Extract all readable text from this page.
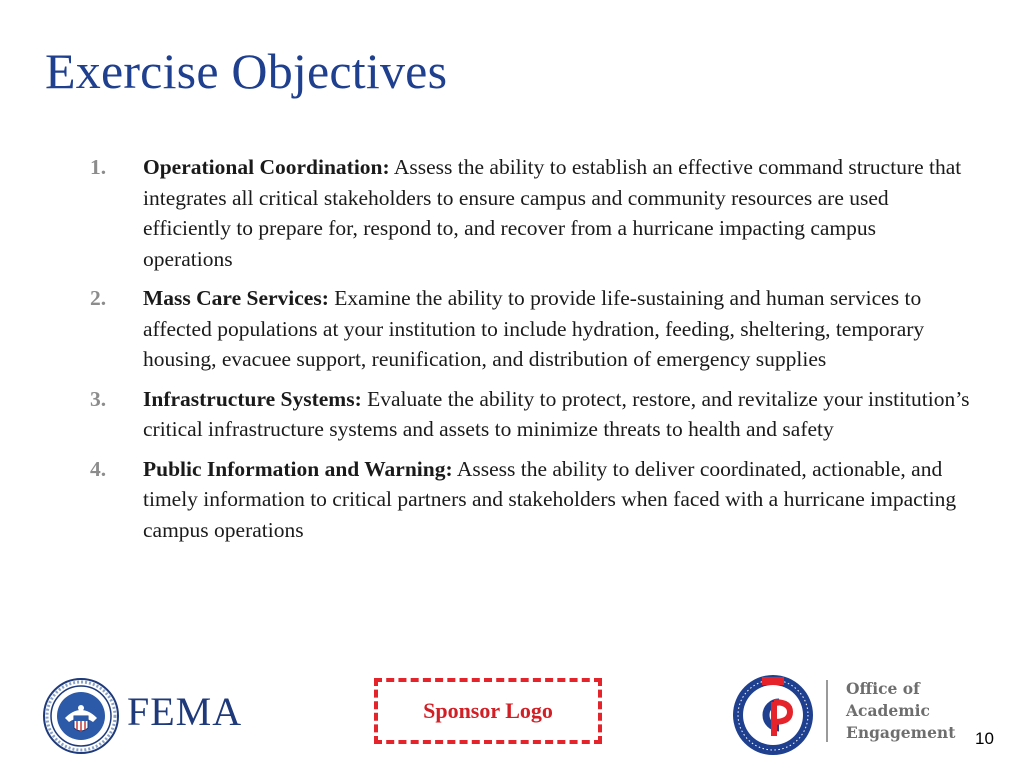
Exercise Objectives
1. Operational Coordination: Assess the ability to establish an effective command structure that integrates all critical stakeholders to ensure campus and community resources are used efficiently to prepare for, respond to, and recover from a hurricane impacting campus operations
2. Mass Care Services: Examine the ability to provide life-sustaining and human services to affected populations at your institution to include hydration, feeding, sheltering, temporary housing, evacuee support, reunification, and distribution of emergency supplies
3. Infrastructure Systems: Evaluate the ability to protect, restore, and revitalize your institution’s critical infrastructure systems and assets to minimize threats to health and safety
4. Public Information and Warning: Assess the ability to deliver coordinated, actionable, and timely information to critical partners and stakeholders when faced with a hurricane impacting campus operations
FEMA	Sponsor Logo
Office of
Academic
Engagement 10
